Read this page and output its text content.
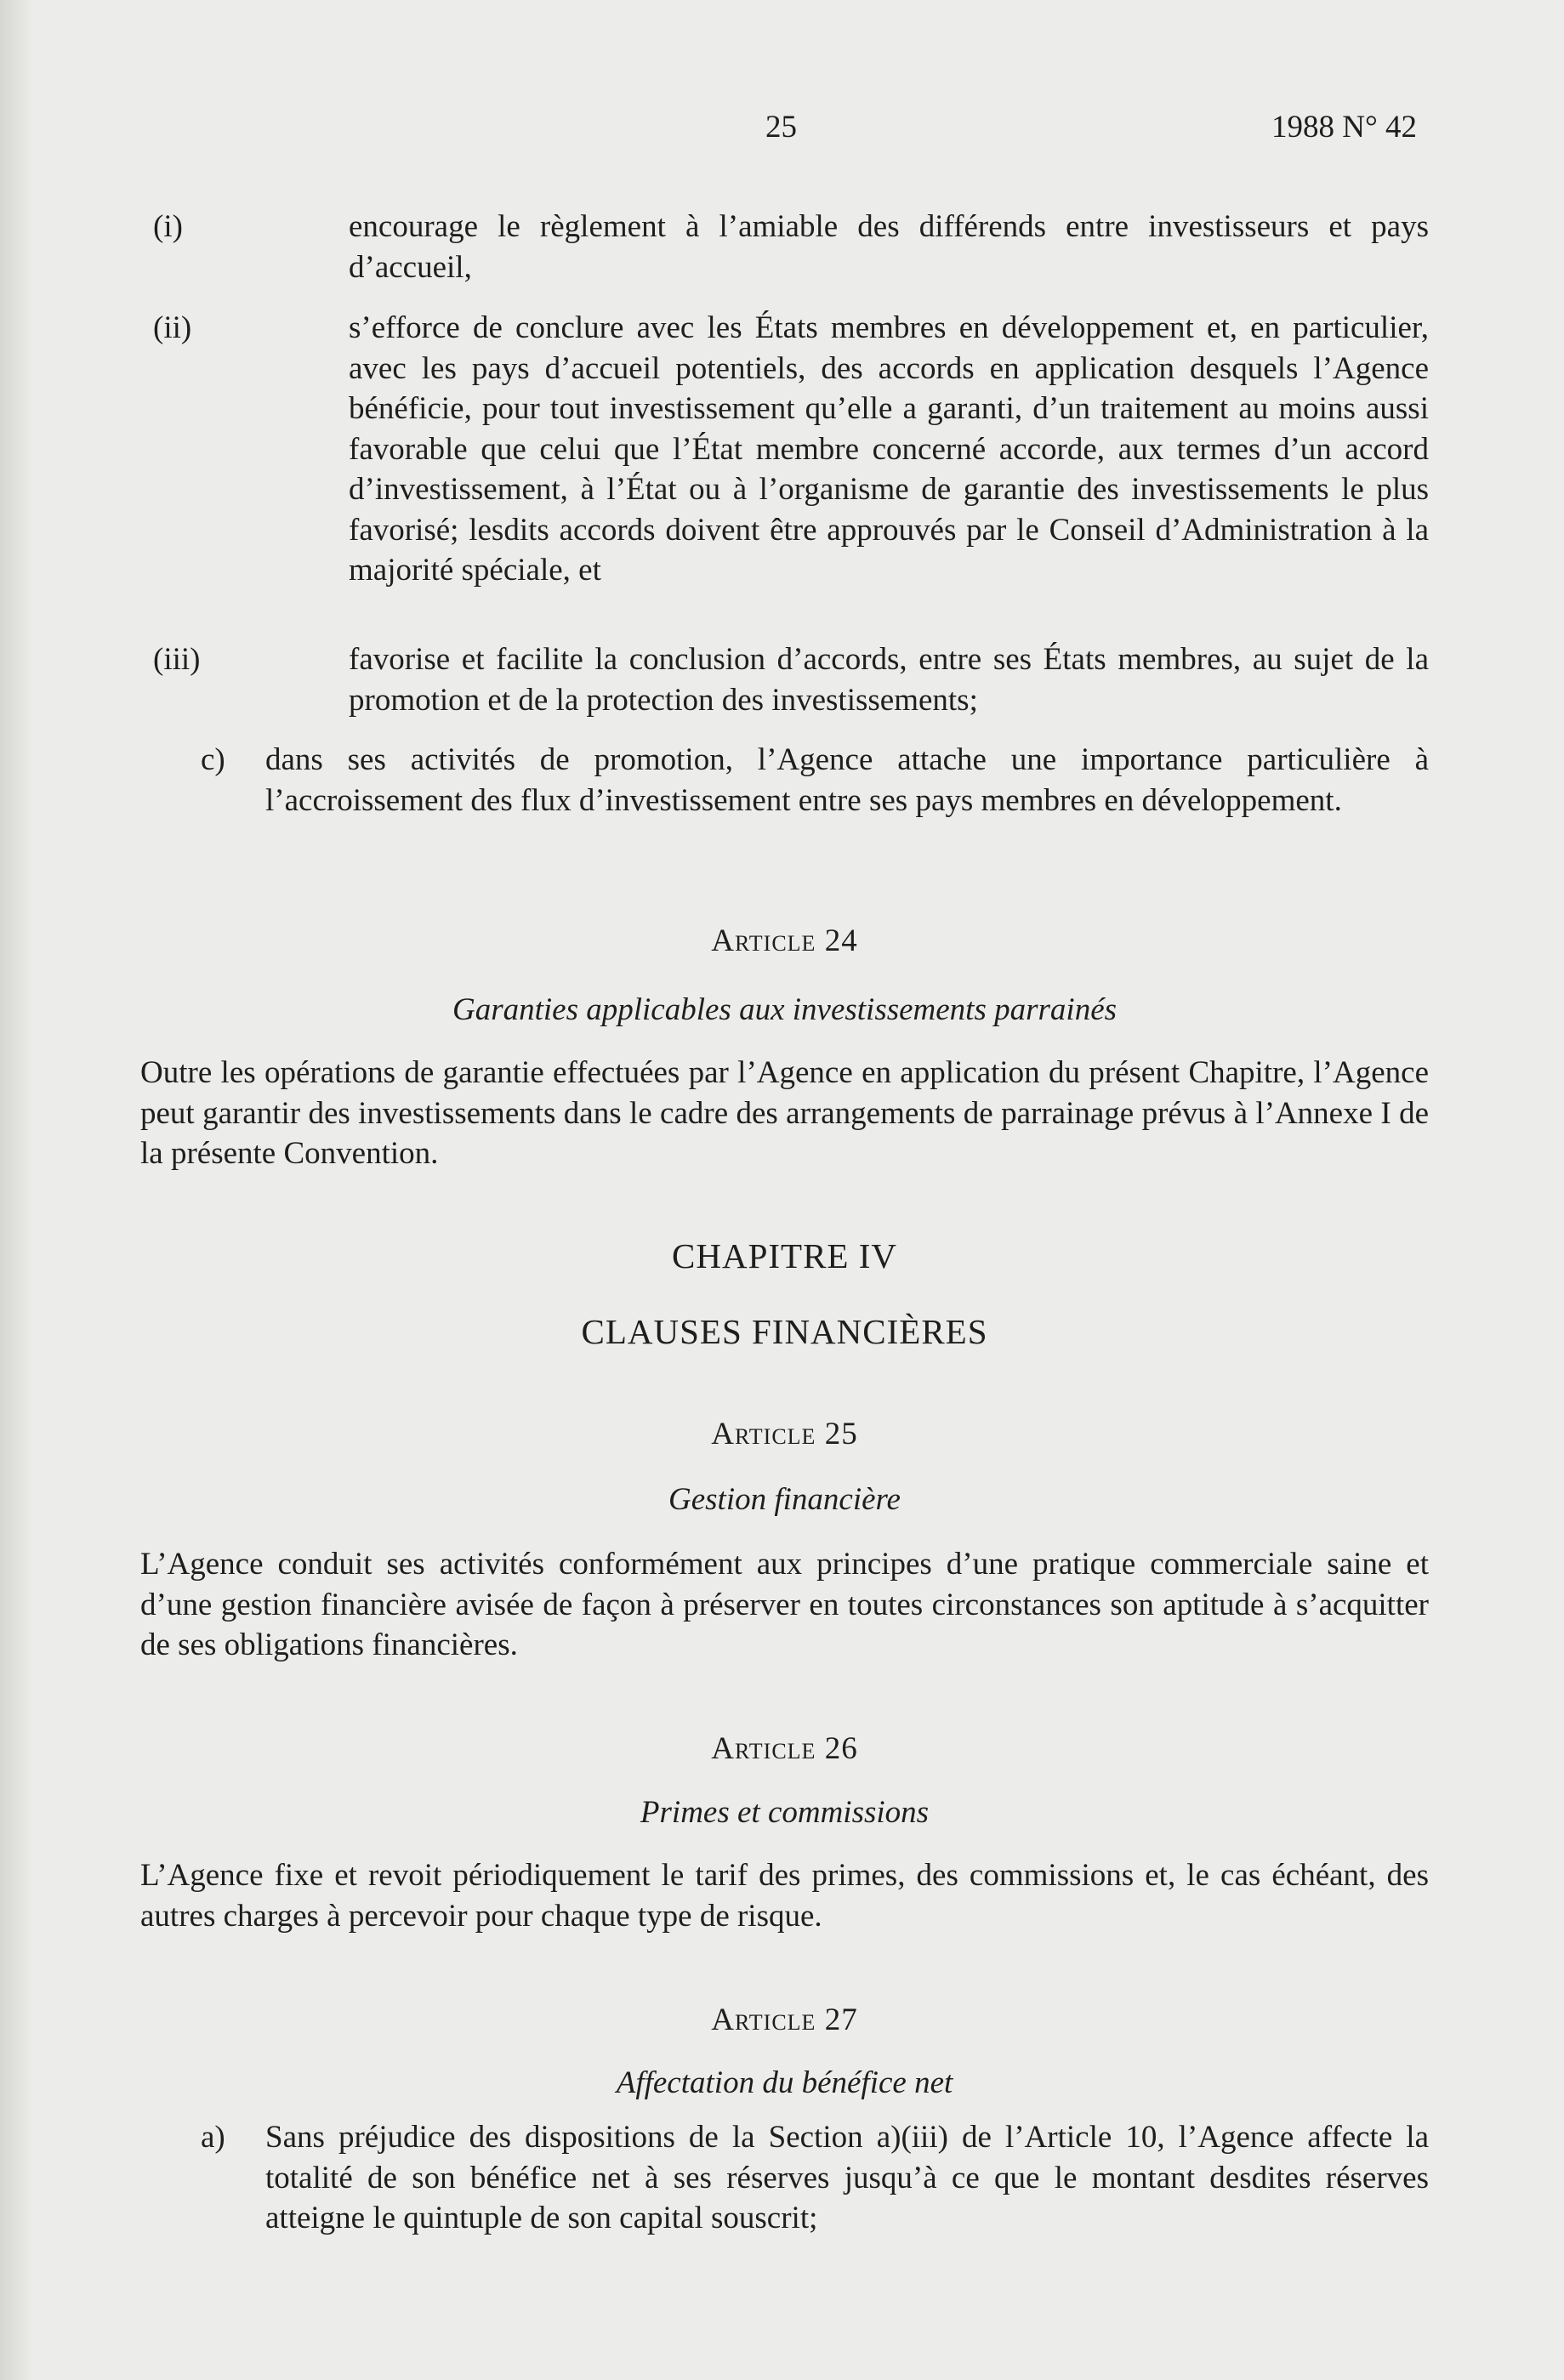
25	1988 N° 42
(i)	encourage le règlement à l’amiable des différends entre investisseurs et pays d’accueil,
(ii)	s’efforce de conclure avec les États membres en développement et, en particulier, avec les pays d’accueil potentiels, des accords en application desquels l’Agence bénéficie, pour tout investissement qu’elle a garanti, d’un traitement au moins aussi favorable que celui que l’État membre concerné accorde, aux termes d’un accord d’investissement, à l’État ou à l’organisme de garantie des investissements le plus favorisé; lesdits accords doivent être approuvés par le Conseil d’Administration à la majorité spéciale, et
(iii)	favorise et facilite la conclusion d’accords, entre ses États membres, au sujet de la promotion et de la protection des investissements;
c)	dans ses activités de promotion, l’Agence attache une importance particulière à l’accroissement des flux d’investissement entre ses pays membres en développement.
Article 24
Garanties applicables aux investissements parrainés
Outre les opérations de garantie effectuées par l’Agence en application du présent Chapitre, l’Agence peut garantir des investissements dans le cadre des arrangements de parrainage prévus à l’Annexe I de la présente Convention.
CHAPITRE IV
CLAUSES FINANCIÈRES
Article 25
Gestion financière
L’Agence conduit ses activités conformément aux principes d’une pratique commerciale saine et d’une gestion financière avisée de façon à préserver en toutes circonstances son aptitude à s’acquitter de ses obligations financières.
Article 26
Primes et commissions
L’Agence fixe et revoit périodiquement le tarif des primes, des commissions et, le cas échéant, des autres charges à percevoir pour chaque type de risque.
Article 27
Affectation du bénéfice net
a)	Sans préjudice des dispositions de la Section a)(iii) de l’Article 10, l’Agence affecte la totalité de son bénéfice net à ses réserves jusqu’à ce que le montant desdites réserves atteigne le quintuple de son capital souscrit;
